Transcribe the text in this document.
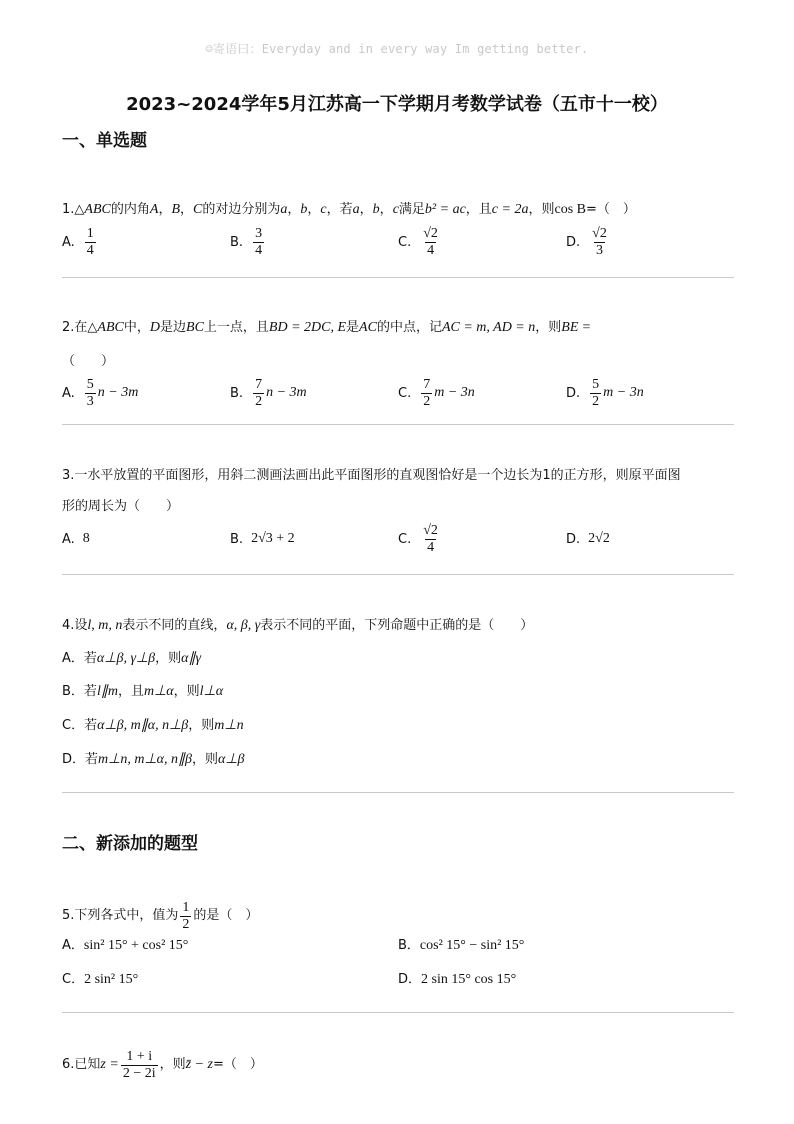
☺寄语曰：Everyday and in every way Im getting better.
2023~2024学年5月江苏高一下学期月考数学试卷（五市十一校）
一、单选题
1.△ABC的内角A，B，C的对边分别为a，b，c，若a，b，c满足b² = ac，且c = 2a，则cos B=（　）
A. $\frac{1}{4}$	B. $\frac{3}{4}$	C. $\frac{√2}{4}$	D. $\frac{√2}{3}$
2.在△ABC中，D是边BC上一点，且BD = 2DC, E是AC的中点，记AC = m, AD = n，则BE =
（　　）
A. $\frac{5}{3}$ n − 3m	B. $\frac{7}{2}$ n − 3m	C. $\frac{7}{2}$ m − 3n	D. $\frac{5}{2}$ m − 3n
3.一水平放置的平面图形，用斜二测画法画出此平面图形的直观图恰好是一个边长为1的正方形，则原平面图
形的周长为（　　）
A. 8	B. 2√3 + 2	C. $\frac{√2}{4}$	D. 2√2
4.设l, m, n表示不同的直线，α, β, γ表示不同的平面，下列命题中正确的是（　　）
A．若α⊥β, γ⊥β，则α∥γ
B．若l∥m，且m⊥α，则l⊥α
C．若α⊥β, m∥α, n⊥β，则m⊥n
D．若m⊥n, m⊥α, n∥β，则α⊥β
二、新添加的题型
5.下列各式中，值为 $\frac{1}{2}$ 的是（　）
A．sin² 15° + cos² 15°	B．cos² 15° − sin² 15°
C．2 sin² 15°	D．2 sin 15° cos 15°
6.已知 $z = \frac{1 + i}{2 - 2i}$ ，则 z̄ − z =（　）
